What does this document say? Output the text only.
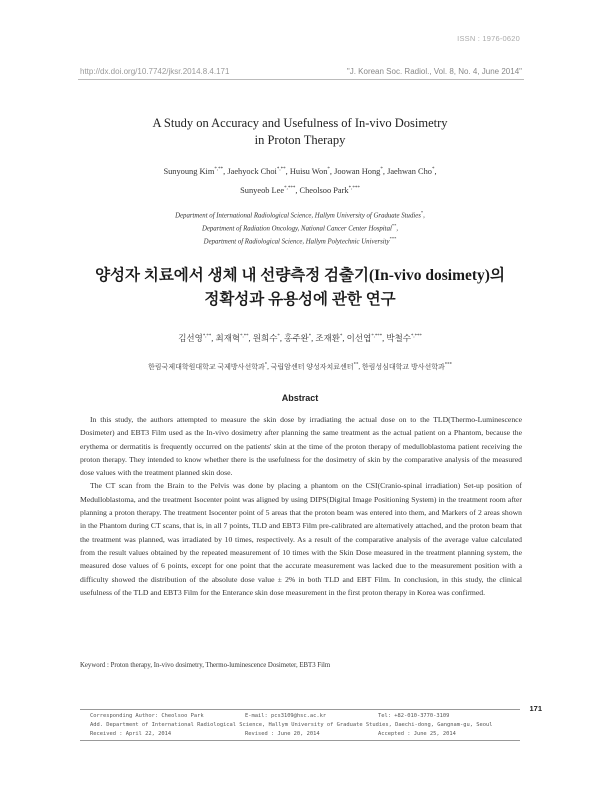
ISSN : 1976-0620
http://dx.doi.org/10.7742/jksr.2014.8.4.171	"J. Korean Soc. Radiol., Vol. 8, No. 4, June 2014"
A Study on Accuracy and Usefulness of In-vivo Dosimetry
in Proton Therapy
Sunyoung Kim*,**, Jaehyock Choi*,**, Huisu Won*, Joowan Hong*, Jaehwan Cho*,
Sunyeob Lee*,***, Cheolsoo Park*,***
Department of International Radiological Science, Hallym University of Graduate Studies*,
Department of Radiation Oncology, National Cancer Center Hospital**,
Department of Radiological Science, Hallym Polytechnic University***
양성자 치료에서 생체 내 선량측정 검출기(In-vivo dosimety)의
정확성과 유용성에 관한 연구
김선영*,**, 최재혁*,**, 원희수*, 홍주완*, 조재환*, 이선엽*,***, 박철수*,***
한림국제대학원대학교 국제방사선학과*, 국립암센터 양성자치료센터**, 한림성심대학교 방사선학과***
Abstract

In this study, the authors attempted to measure the skin dose by irradiating the actual dose on to the TLD(Thermo-Luminescence Dosimeter) and EBT3 Film used as the In-vivo dosimetry after planning the same treatment as the actual patient on a Phantom, because the erythema or dermatitis is frequently occurred on the patients' skin at the time of the proton therapy of medulloblastoma patient receiving the proton therapy. They intended to know whether there is the usefulness for the dosimetry of skin by the comparative analysis of the measured dose values with the treatment planned skin dose.

The CT scan from the Brain to the Pelvis was done by placing a phantom on the CSI(Cranio-spinal irradiation) Set-up position of Medulloblastoma, and the treatment Isocenter point was aligned by using DIPS(Digital Image Positioning System) in the treatment room after planning a proton therapy. The treatment Isocenter point of 5 areas that the proton beam was entered into them, and Markers of 2 areas shown in the Phantom during CT scans, that is, in all 7 points, TLD and EBT3 Film pre-calibrated are alternatively attached, and the proton beam that the treatment was planned, was irradiated by 10 times, respectively. As a result of the comparative analysis of the average value calculated from the result values obtained by the repeated measurement of 10 times with the Skin Dose measured in the treatment planning system, the measured dose values of 6 points, except for one point that the accurate measurement was lacked due to the measurement position with a difficulty showed the distribution of the absolute dose value ± 2% in both TLD and EBT Film. In conclusion, in this study, the clinical usefulness of the TLD and EBT3 Film for the Enterance skin dose measurement in the first proton therapy in Korea was confirmed.

Keyword : Proton therapy, In-vivo dosimetry, Thermo-luminescence Dosimeter, EBT3 Film
171
Corresponding Author: Cheolsoo Park	E-mail: pcs3109@hsc.ac.kr	Tel: +82-010-3770-3109
Add. Department of International Radiological Science, Hallym University of Graduate Studies, Daechi-dong, Gangnam-gu, Seoul
Received : April 22, 2014	Revised : June 20, 2014	Accepted : June 25, 2014
